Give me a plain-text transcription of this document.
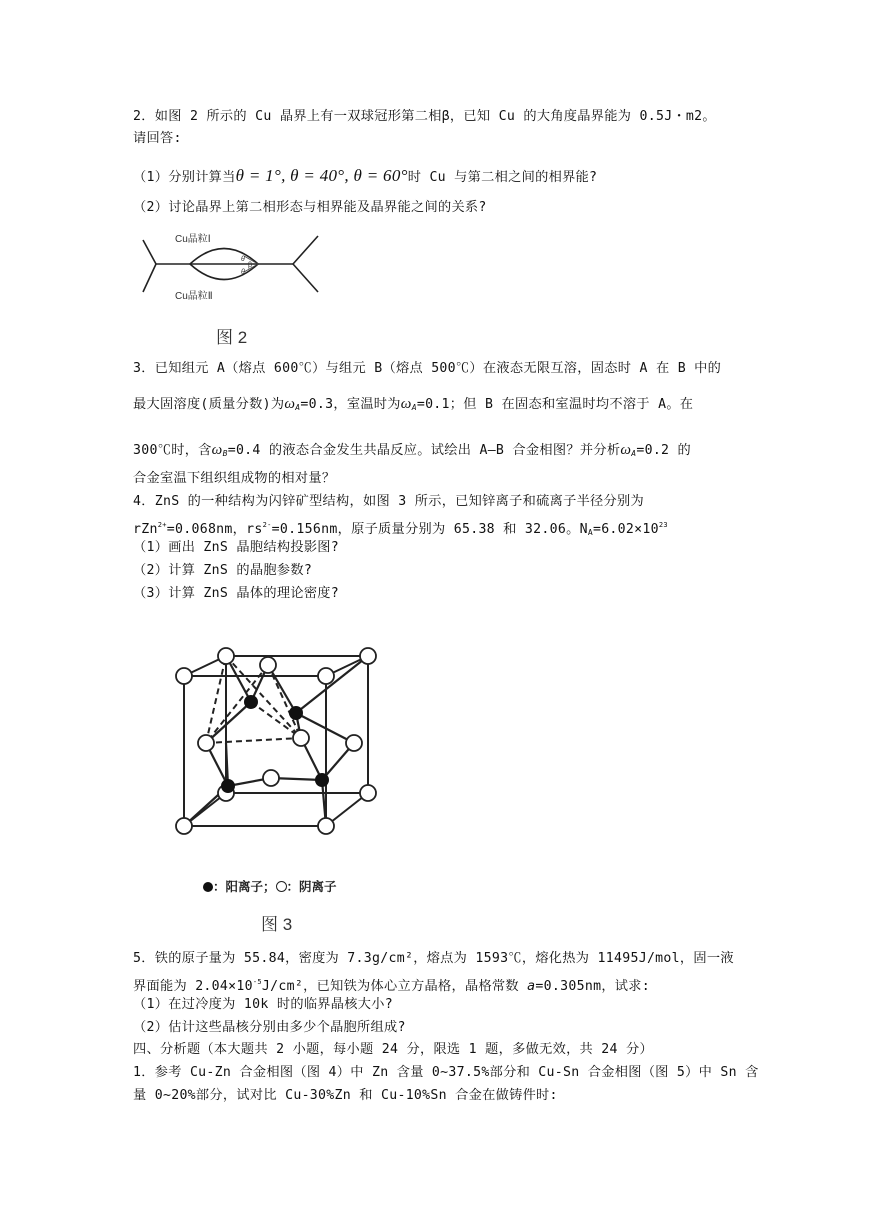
2．如图 2 所示的 Cu 晶界上有一双球冠形第二相β，已知 Cu 的大角度晶界能为 0.5J・m2。
请回答:
（1）分别计算当θ = 1°, θ = 40°, θ = 60°时 Cu 与第二相之间的相界能?
（2）讨论晶界上第二相形态与相界能及晶界能之间的关系?
Cu晶粒Ⅰ
Cu晶粒Ⅱ
θ
θ
β
图 2
3．已知组元 A（熔点 600℃）与组元 B（熔点 500℃）在液态无限互溶，固态时 A 在 B 中的
最大固溶度(质量分数)为$\omega_A=0.3$，室温时为$\omega_A=0.1$；但 B 在固态和室温时均不溶于 A。在
300℃时，含$\omega_B=0.4$ 的液态合金发生共晶反应。试绘出 A—B 合金相图？并分析$\omega_A=0.2$ 的
合金室温下组织组成物的相对量？
4．ZnS 的一种结构为闪锌矿型结构，如图 3 所示，已知锌离子和硫离子半径分别为
rZn$^{2+}$=0.068nm，$rs^{2-}=0.156nm$，原子质量分别为 65.38 和 32.06。$NA=6.02\times 10^{23}$
（1）画出 ZnS 晶胞结构投影图?
（2）计算 ZnS 的晶胞参数?
（3）计算 ZnS 晶体的理论密度?
：阳离子； ：阴离子
图 3
5．铁的原子量为 55.84，密度为 7.3g/cm²，熔点为 1593℃，熔化热为 11495J/mol，固一液
界面能为 $2.04\times 10^{-5}J$/cm²，已知铁为体心立方晶格，晶格常数 a=0.305nm，试求:
（1）在过冷度为 10k 时的临界晶核大小?
（2）估计这些晶核分别由多少个晶胞所组成?
四、分析题（本大题共 2 小题，每小题 24 分，限选 1 题，多做无效，共 24 分）
1．参考 Cu-Zn 合金相图（图 4）中 Zn 含量 0~37.5%部分和 Cu-Sn 合金相图（图 5）中 Sn 含
量 0~20%部分，试对比 Cu-30%Zn 和 Cu-10%Sn 合金在做铸件时:
